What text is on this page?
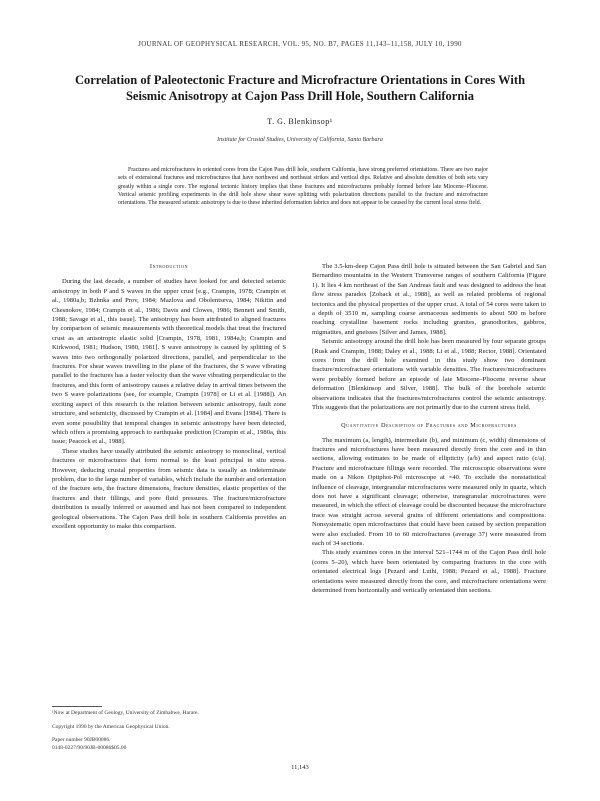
JOURNAL OF GEOPHYSICAL RESEARCH, VOL. 95, NO. B7, PAGES 11,143–11,158, JULY 10, 1990
Correlation of Paleotectonic Fracture and Microfracture Orientations in Cores With Seismic Anisotropy at Cajon Pass Drill Hole, Southern California
T. G. Blenkinsop¹
Institute for Crustal Studies, University of California, Santa Barbara

Fractures and microfractures in oriented cores from the Cajon Pass drill hole, southern California, have strong preferred orientations. There are two major sets of extensional fractures and microfractures that have northwest and northeast strikes and vertical dips. Relative and absolute densities of both sets vary greatly within a single core. The regional tectonic history implies that these fractures and microfractures probably formed before late Miocene–Pliocene. Vertical seismic profiling experiments in the drill hole show shear wave splitting with polarization directions parallel to the fracture and microfracture orientations. The measured seismic anisotropy is due to these inherited deformation fabrics and does not appear to be caused by the current local stress field.

Introduction

During the last decade, a number of studies have looked for and detected seismic anisotropy in both P and S waves in the upper crust [e.g., Crampin, 1978; Crampin et al., 1980a,b; Bzhnka and Prov, 1984; Mazlova and Obolentseva, 1984; Nikitin and Chesnokov, 1984; Crampin et al., 1986; Davis and Clowes, 1986; Bennett and Smith, 1988; Savage et al., this issue]. The anisotropy has been attributed to aligned fractures by comparison of seismic measurements with theoretical models that treat the fractured crust as an anisotropic elastic solid [Crampin, 1978, 1981, 1984a,b; Crampin and Kirkwood, 1981; Hudson, 1980, 1981]. S wave anisotropy is caused by splitting of S waves into two orthogonally polarized directions, parallel, and perpendicular to the fractures. For shear waves travelling in the plane of the fractures, the S wave vibrating parallel to the fractures has a faster velocity than the wave vibrating perpendicular to the fractures, and this form of anisotropy causes a relative delay in arrival times between the two S wave polarizations (see, for example, Crampin [1978] or Li et al. [1988]). An exciting aspect of this research is the relation between seismic anisotropy, fault zone structure, and seismicity, discussed by Crampin et al. [1984] and Evans [1984]. There is even some possibility that temporal changes in seismic anisotropy have been detected, which offers a promising approach to earthquake prediction [Crampin et al., 1980a, this issue; Peacock et al., 1988].

These studies have usually attributed the seismic anisotropy to monoclinal, vertical fractures or microfractures that form normal to the least principal in situ stress. However, deducing crustal properties from seismic data is usually an indeterminate problem, due to the large number of variables, which include the number and orientation of the fracture sets, the fracture dimensions, fracture densities, elastic properties of the fractures and their fillings, and pore fluid pressures. The fracture/microfracture distribution is usually inferred or assumed and has not been compared to independent geological observations. The Cajon Pass drill hole in southern California provides an excellent opportunity to make this comparison.

The 3.5-km-deep Cajon Pass drill hole is situated between the San Gabriel and San Bernardino mountains in the Western Transverse ranges of southern California (Figure 1). It lies 4 km northeast of the San Andreas fault and was designed to address the heat flow stress paradox [Zoback et al., 1988], as well as related problems of regional tectonics and the physical properties of the upper crust. A total of 54 cores were taken to a depth of 3510 m, sampling coarse arenaceous sediments to about 500 m before reaching crystalline basement rocks including granites, granodiorites, gabbros, migmatites, and gneisses [Silver and James, 1988].

Seismic anisotropy around the drill hole has been measured by four separate groups [Rusk and Crampin, 1988; Daley et al., 1988; Li et al., 1988; Rector, 1988]. Orientated cores from the drill hole examined in this study show two dominant fracture/microfracture orientations with variable densities. The fractures/microfractures were probably formed before an episode of late Miocene–Pliocene reverse shear deformation [Blenkinsop and Silver, 1988]. The bulk of the borehole seismic observations indicates that the fractures/microfractures control the seismic anisotropy. This suggests that the polarizations are not primarily due to the current stress field.

Quantitative Description of Fractures and Microfractures

The maximum (a, length), intermediate (b), and minimum (c, width) dimensions of fractures and microfractures have been measured directly from the core and in thin sections, allowing estimates to be made of ellipticity (a/b) and aspect ratio (c/a). Fracture and microfracture fillings were recorded. The microscopic observations were made on a Nikon Optiphot-Pol microscope at ×40. To exclude the nonstatistical influence of cleavage, intergranular microfractures were measured only in quartz, which does not have a significant cleavage; otherwise, transgranular microfractures were measured, in which the effect of cleavage could be discounted because the microfracture trace was straight across several grains of different orientations and compositions. Nonsystematic open microfractures that could have been caused by section preparation were also excluded. From 10 to 60 microfractures (average 37) were measured from each of 34 sections.

This study examines cores in the interval 521–1744 m of the Cajon Pass drill hole (cores 5–20), which have been orientated by comparing fractures in the core with orientated electrical logs [Pezard and Luthi, 1988; Pezard et al., 1988]. Fracture orientations were measured directly from the core, and microfracture orientations were determined from horizontally and vertically orientated thin sections.

¹Now at Department of Geology, University of Zimbabwe, Harare.

Copyright 1990 by the American Geophysical Union.

Paper number 90JB00086.

0148-0227/90/90JB-00086$05.00

11,143
